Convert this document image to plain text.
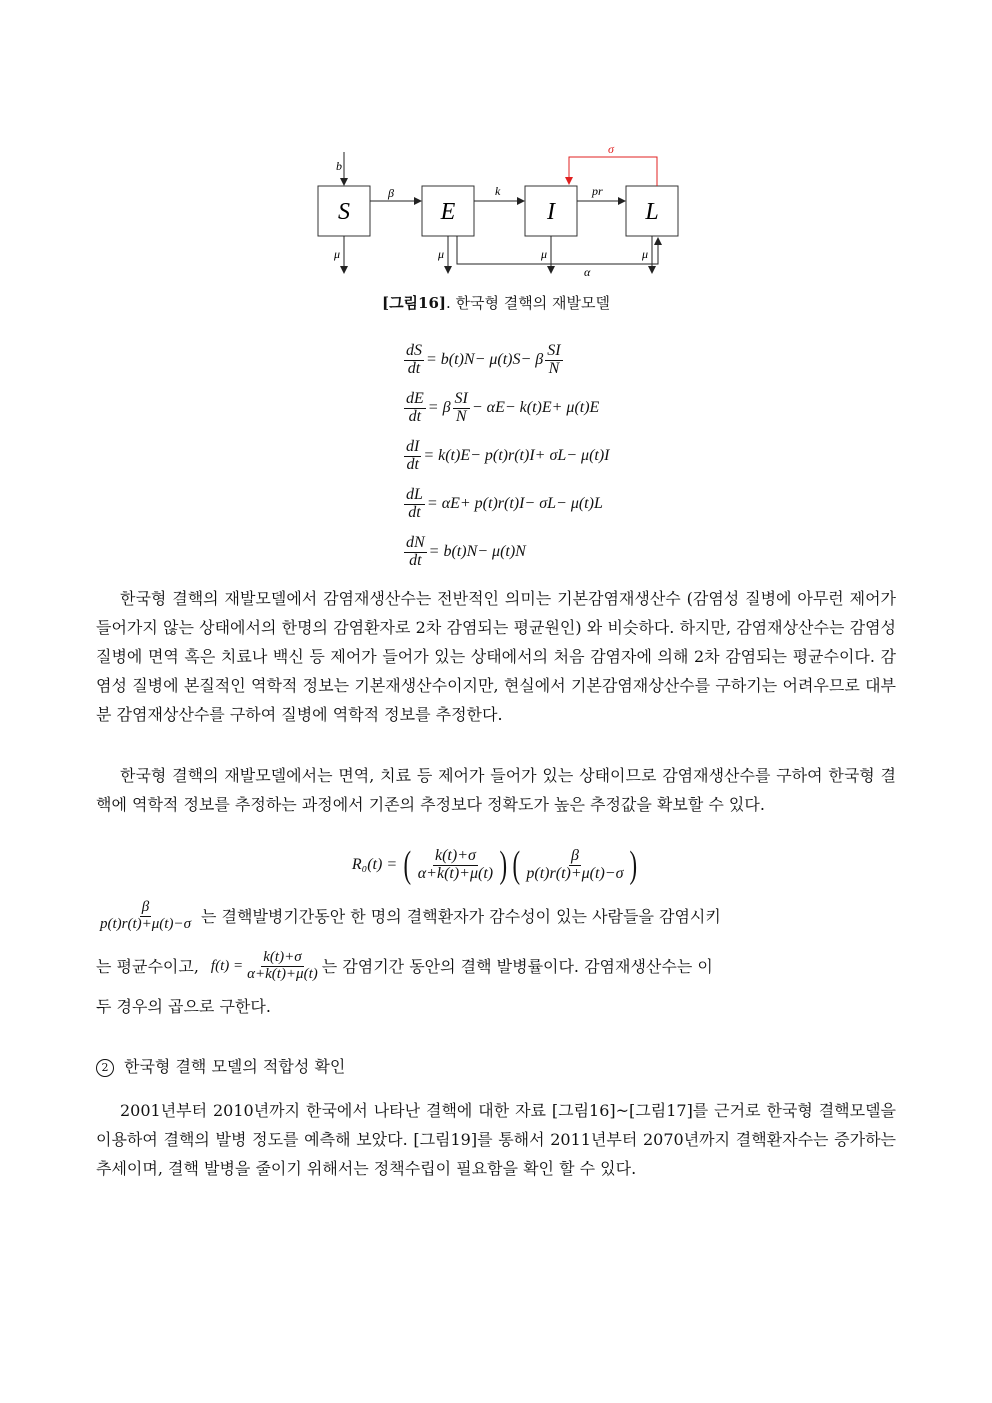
S	E	I	L
b
β	k	pr
σ
μ	μ	μ	μ
α
[그림16]. 한국형 결핵의 재발모델
$\frac{dS}{dt} = b(t)N- \mu(t)S- \beta \frac{SI}{N}$
$\frac{dE}{dt} = \beta \frac{SI}{N} - \alpha E- k(t)E+ \mu(t)E$
$\frac{dI}{dt} = k(t)E- p(t)r(t)I+ \sigma L- \mu(t)I$
$\frac{dL}{dt} = \alpha E+ p(t)r(t)I- \sigma L- \mu(t)L$
$\frac{dN}{dt} = b(t)N- \mu(t)N$
한국형 결핵의 재발모델에서 감염재생산수는 전반적인 의미는 기본감염재생산수 (감염성 질병에 아무런 제어가 들어가지 않는 상태에서의 한명의 감염환자로 2차 감염되는 평균원인) 와 비슷하다. 하지만, 감염재상산수는 감염성 질병에 면역 혹은 치료나 백신 등 제어가 들어가 있는 상태에서의 처음 감염자에 의해 2차 감염되는 평균수이다. 감염성 질병에 본질적인 역학적 정보는 기본재생산수이지만, 현실에서 기본감염재상산수를 구하기는 어려우므로 대부분 감염재상산수를 구하여 질병에 역학적 정보를 추정한다.
한국형 결핵의 재발모델에서는 면역, 치료 등 제어가 들어가 있는 상태이므로 감염재생산수를 구하여 한국형 결핵에 역학적 정보를 추정하는 과정에서 기존의 추정보다 정확도가 높은 추정값을 확보할 수 있다.
R₀(t) = ( $\frac{k(t)+\sigma}{\alpha+k(t)+\mu(t)}$ ) ( $\frac{\beta}{p(t)r(t)+\mu(t)-\sigma}$ )
$\frac{\beta}{p(t)r(t)+\mu(t)-\sigma}$ 는 결핵발병기간동안 한 명의 결핵환자가 감수성이 있는 사람들을 감염시키
는 평균수이고, $f(t) = \frac{k(t)+\sigma}{\alpha+k(t)+\mu(t)}$ 는 감염기간 동안의 결핵 발병률이다. 감염재생산수는 이
두 경우의 곱으로 구한다.
2 한국형 결핵 모델의 적합성 확인
2001년부터 2010년까지 한국에서 나타난 결핵에 대한 자료 [그림16]~[그림17]를 근거로 한국형 결핵모델을 이용하여 결핵의 발병 정도를 예측해 보았다. [그림19]를 통해서 2011년부터 2070년까지 결핵환자수는 증가하는 추세이며, 결핵 발병을 줄이기 위해서는 정책수립이 필요함을 확인 할 수 있다.
